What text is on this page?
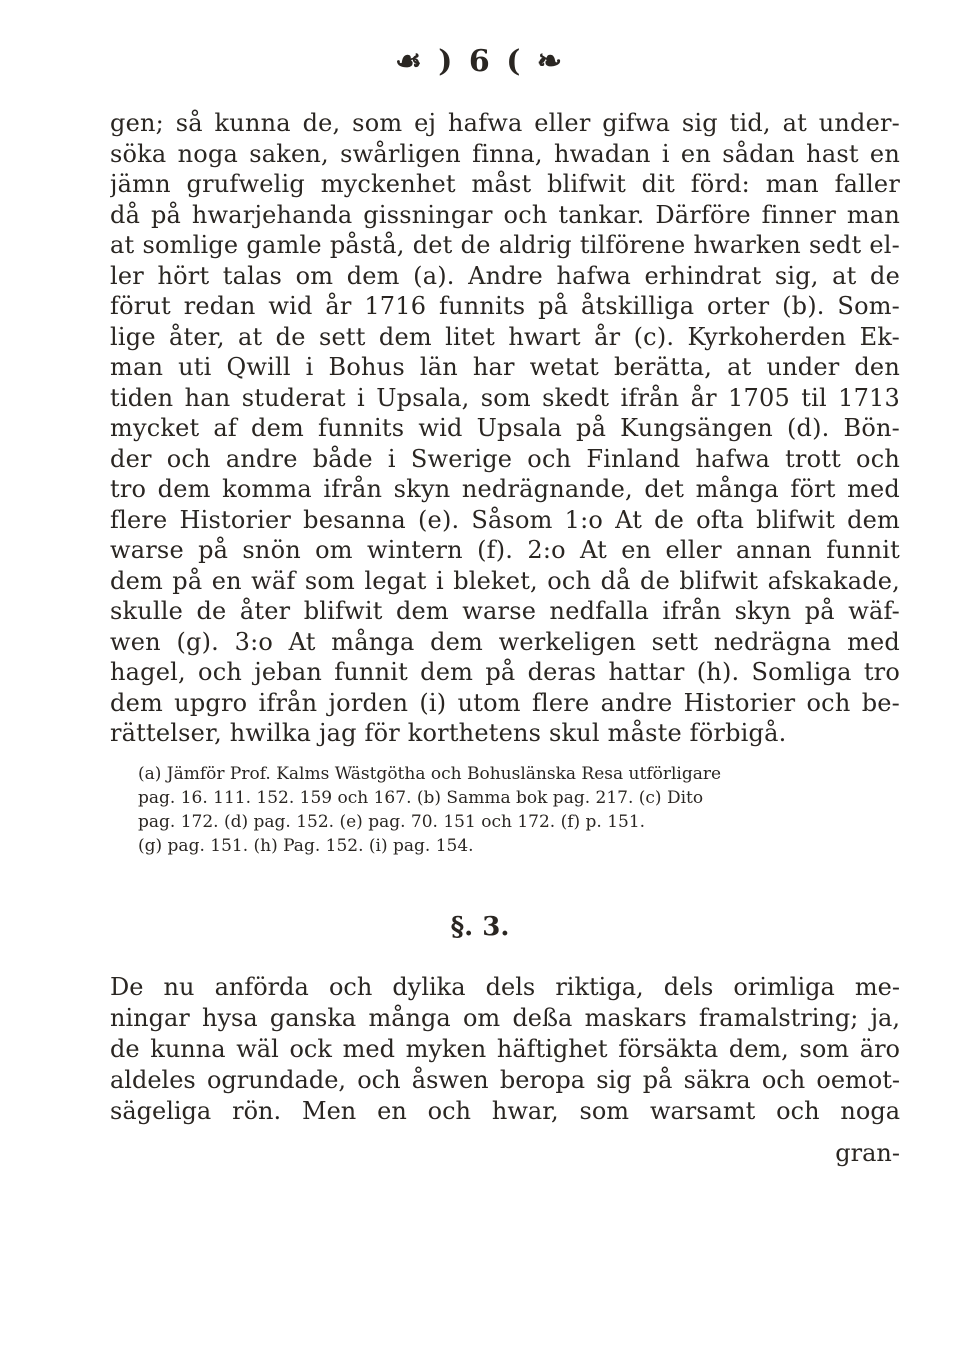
☙ ) 6 ( ❧
gen; så kunna de, som ej hafwa eller gifwa sig tid, at under-
söka noga saken, swårligen finna, hwadan i en sådan hast en
jämn grufwelig myckenhet måst blifwit dit förd: man faller
då på hwarjehanda gissningar och tankar. Därföre finner man
at somlige gamle påstå, det de aldrig tilförene hwarken sedt el-
ler hört talas om dem (a). Andre hafwa erhindrat sig, at de
förut redan wid år 1716 funnits på åtskilliga orter (b). Som-
lige åter, at de sett dem litet hwart år (c). Kyrkoherden Ek-
man uti Qwill i Bohus län har wetat berätta, at under den
tiden han studerat i Upsala, som skedt ifrån år 1705 til 1713
mycket af dem funnits wid Upsala på Kungsängen (d). Bön-
der och andre både i Swerige och Finland hafwa trott och
tro dem komma ifrån skyn nedrägnande, det många fört med
flere Historier besanna (e). Såsom 1:o At de ofta blifwit dem
warse på snön om wintern (f). 2:o At en eller annan funnit
dem på en wäf som legat i bleket, och då de blifwit afskakade,
skulle de åter blifwit dem warse nedfalla ifrån skyn på wäf-
wen (g). 3:o At många dem werkeligen sett nedrägna med
hagel, och jeban funnit dem på deras hattar (h). Somliga tro
dem upgro ifrån jorden (i) utom flere andre Historier och be-
rättelser, hwilka jag för korthetens skul måste förbigå.
(a) Jämför Prof. Kalms Wästgötha och Bohuslänska Resa utförligare
pag. 16. 111. 152. 159 och 167. (b) Samma bok pag. 217. (c) Dito
pag. 172. (d) pag. 152. (e) pag. 70. 151 och 172. (f) p. 151.
(g) pag. 151. (h) Pag. 152. (i) pag. 154.
§. 3.
De nu anförda och dylika dels riktiga, dels orimliga me-
ningar hysa ganska många om deßa maskars framalstring; ja,
de kunna wäl ock med myken häftighet försäkta dem, som äro
aldeles ogrundade, och åswen beropa sig på säkra och oemot-
sägeliga rön. Men en och hwar, som warsamt och noga
gran-
